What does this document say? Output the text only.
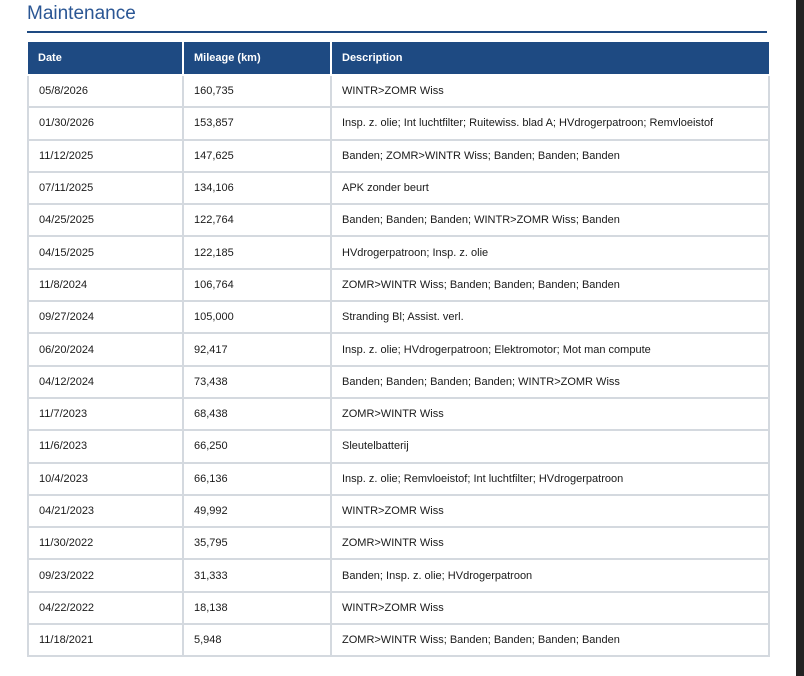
Maintenance
Date	Mileage (km)	Description
05/8/2026	160,735	WINTR>ZOMR Wiss
01/30/2026	153,857	Insp. z. olie; Int luchtfilter; Ruitewiss. blad A; HVdrogerpatroon; Remvloeistof
11/12/2025	147,625	Banden; ZOMR>WINTR Wiss; Banden; Banden; Banden
07/11/2025	134,106	APK zonder beurt
04/25/2025	122,764	Banden; Banden; Banden; WINTR>ZOMR Wiss; Banden
04/15/2025	122,185	HVdrogerpatroon; Insp. z. olie
11/8/2024	106,764	ZOMR>WINTR Wiss; Banden; Banden; Banden; Banden
09/27/2024	105,000	Stranding Bl; Assist. verl.
06/20/2024	92,417	Insp. z. olie; HVdrogerpatroon; Elektromotor; Mot man compute
04/12/2024	73,438	Banden; Banden; Banden; Banden; WINTR>ZOMR Wiss
11/7/2023	68,438	ZOMR>WINTR Wiss
11/6/2023	66,250	Sleutelbatterij
10/4/2023	66,136	Insp. z. olie; Remvloeistof; Int luchtfilter; HVdrogerpatroon
04/21/2023	49,992	WINTR>ZOMR Wiss
11/30/2022	35,795	ZOMR>WINTR Wiss
09/23/2022	31,333	Banden; Insp. z. olie; HVdrogerpatroon
04/22/2022	18,138	WINTR>ZOMR Wiss
11/18/2021	5,948	ZOMR>WINTR Wiss; Banden; Banden; Banden; Banden
